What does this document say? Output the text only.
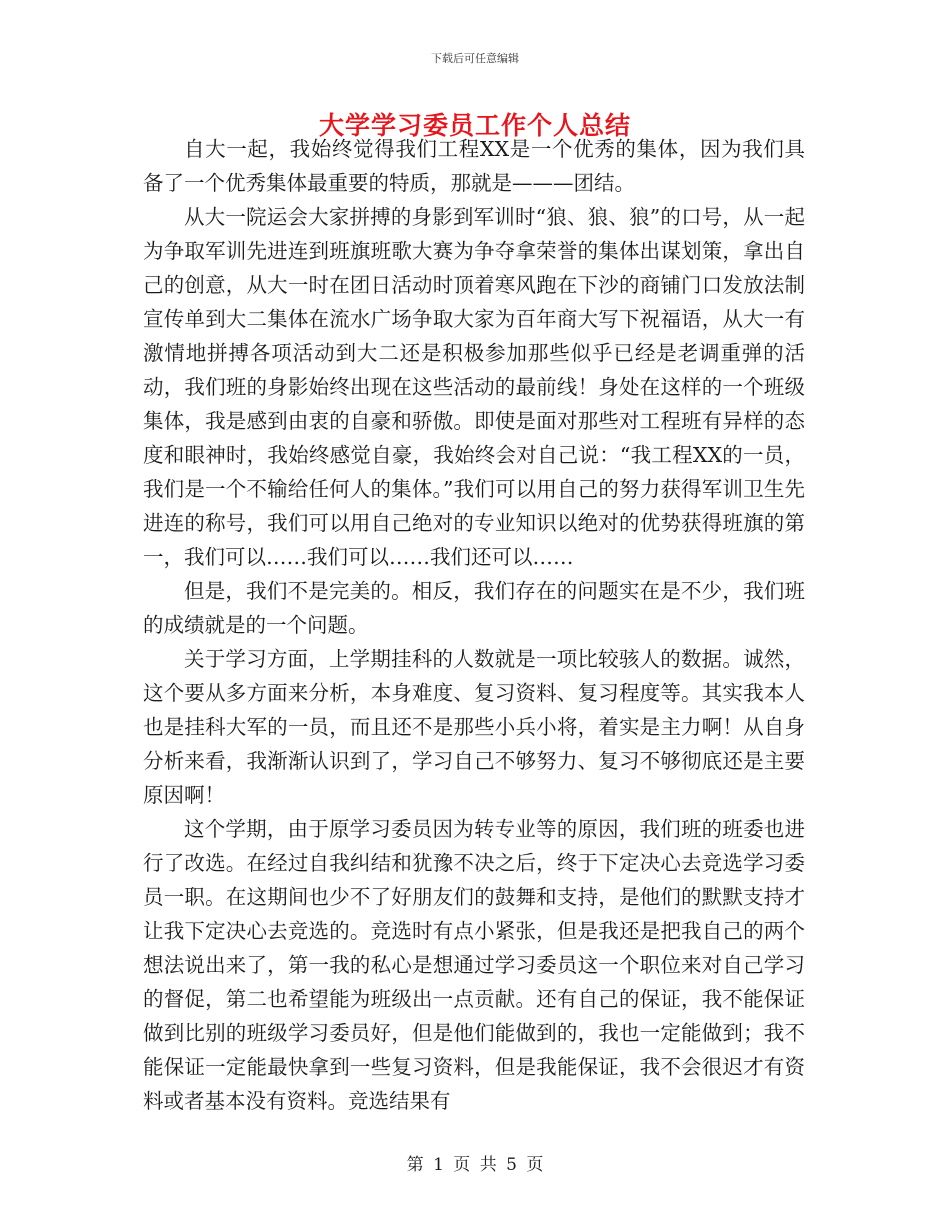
下载后可任意编辑
大学学习委员工作个人总结

自大一起，我始终觉得我们工程XX是一个优秀的集体，因为我们具备了一个优秀集体最重要的特质，那就是———团结。

从大一院运会大家拼搏的身影到军训时“狼、狼、狼”的口号，从一起为争取军训先进连到班旗班歌大赛为争夺拿荣誉的集体出谋划策，拿出自己的创意，从大一时在团日活动时顶着寒风跑在下沙的商铺门口发放法制宣传单到大二集体在流水广场争取大家为百年商大写下祝福语，从大一有激情地拼搏各项活动到大二还是积极参加那些似乎已经是老调重弹的活动，我们班的身影始终出现在这些活动的最前线！身处在这样的一个班级集体，我是感到由衷的自豪和骄傲。即使是面对那些对工程班有异样的态度和眼神时，我始终感觉自豪，我始终会对自己说：“我工程XX的一员，我们是一个不输给任何人的集体。”我们可以用自己的努力获得军训卫生先进连的称号，我们可以用自己绝对的专业知识以绝对的优势获得班旗的第一，我们可以……我们可以……我们还可以……

但是，我们不是完美的。相反，我们存在的问题实在是不少，我们班的成绩就是的一个问题。

关于学习方面，上学期挂科的人数就是一项比较骇人的数据。诚然，这个要从多方面来分析，本身难度、复习资料、复习程度等。其实我本人也是挂科大军的一员，而且还不是那些小兵小将，着实是主力啊！从自身分析来看，我渐渐认识到了，学习自己不够努力、复习不够彻底还是主要原因啊！

这个学期，由于原学习委员因为转专业等的原因，我们班的班委也进行了改选。在经过自我纠结和犹豫不决之后，终于下定决心去竞选学习委员一职。在这期间也少不了好朋友们的鼓舞和支持，是他们的默默支持才让我下定决心去竞选的。竞选时有点小紧张，但是我还是把我自己的两个想法说出来了，第一我的私心是想通过学习委员这一个职位来对自己学习的督促，第二也希望能为班级出一点贡献。还有自己的保证，我不能保证做到比别的班级学习委员好，但是他们能做到的，我也一定能做到；我不能保证一定能最快拿到一些复习资料，但是我能保证，我不会很迟才有资料或者基本没有资料。竞选结果有

第 1 页 共 5 页
